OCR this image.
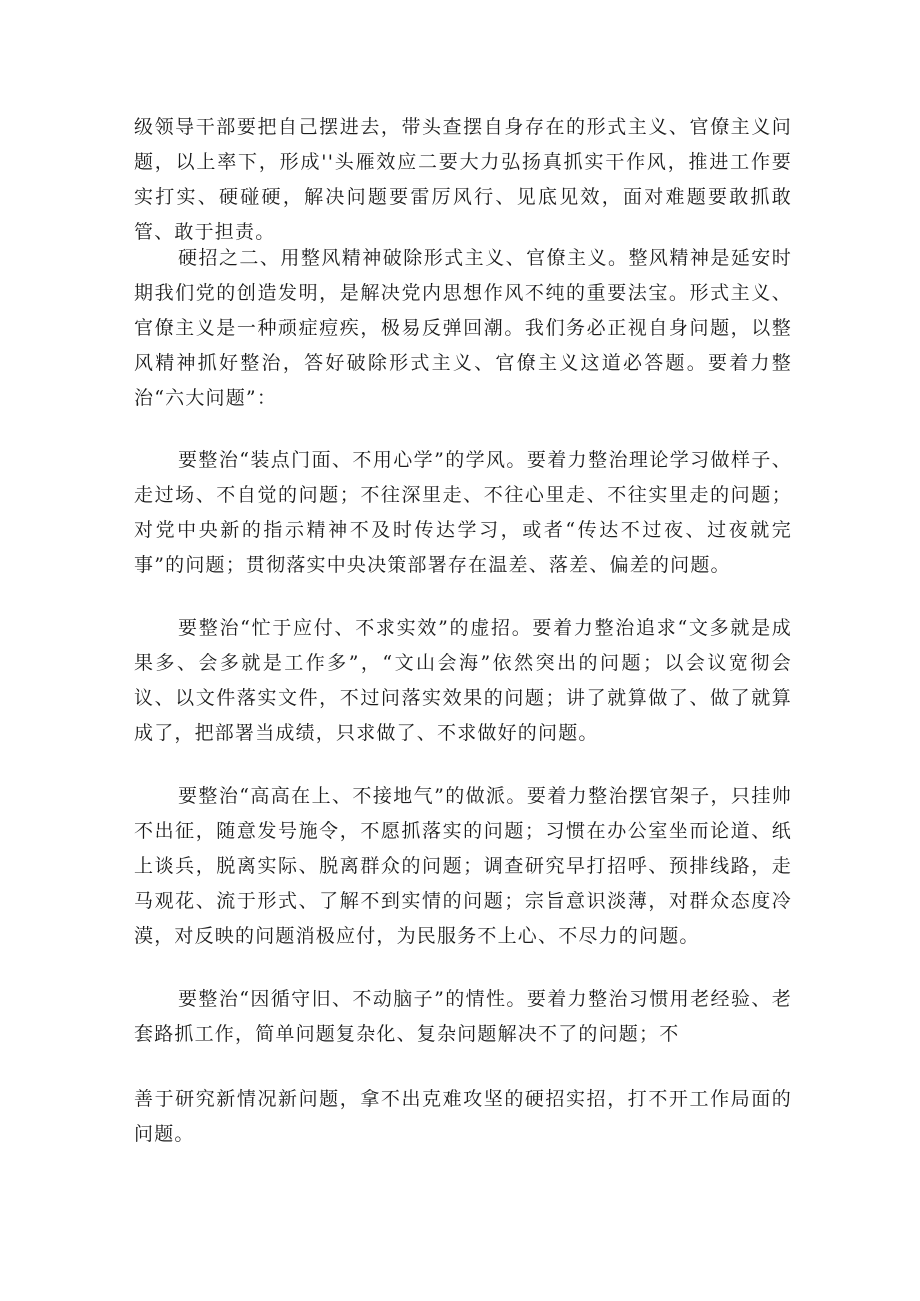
级领导干部要把自己摆进去，带头查摆自身存在的形式主义、官僚主义问题，以上率下，形成''头雁效应二要大力弘扬真抓实干作风，推进工作要实打实、硬碰硬，解决问题要雷厉风行、见底见效，面对难题要敢抓敢管、敢于担责。

硬招之二、用整风精神破除形式主义、官僚主义。整风精神是延安时期我们党的创造发明，是解决党内思想作风不纯的重要法宝。形式主义、官僚主义是一种顽症痘疾，极易反弹回潮。我们务必正视自身问题，以整风精神抓好整治，答好破除形式主义、官僚主义这道必答题。要着力整治“六大问题”：

要整治“装点门面、不用心学”的学风。要着力整治理论学习做样子、走过场、不自觉的问题；不往深里走、不往心里走、不往实里走的问题；对党中央新的指示精神不及时传达学习，或者“传达不过夜、过夜就完事”的问题；贯彻落实中央决策部署存在温差、落差、偏差的问题。

要整治“忙于应付、不求实效”的虚招。要着力整治追求“文多就是成果多、会多就是工作多”，“文山会海”依然突出的问题；以会议宽彻会议、以文件落实文件，不过问落实效果的问题；讲了就算做了、做了就算成了，把部署当成绩，只求做了、不求做好的问题。

要整治“高高在上、不接地气”的做派。要着力整治摆官架子，只挂帅不出征，随意发号施令，不愿抓落实的问题；习惯在办公室坐而论道、纸上谈兵，脱离实际、脱离群众的问题；调查研究早打招呼、预排线路，走马观花、流于形式、了解不到实情的问题；宗旨意识淡薄，对群众态度冷漠，对反映的问题消极应付，为民服务不上心、不尽力的问题。

要整治“因循守旧、不动脑子”的情性。要着力整治习惯用老经验、老套路抓工作，简单问题复杂化、复杂问题解决不了的问题；不

善于研究新情况新问题，拿不出克难攻坚的硬招实招，打不开工作局面的问题。
